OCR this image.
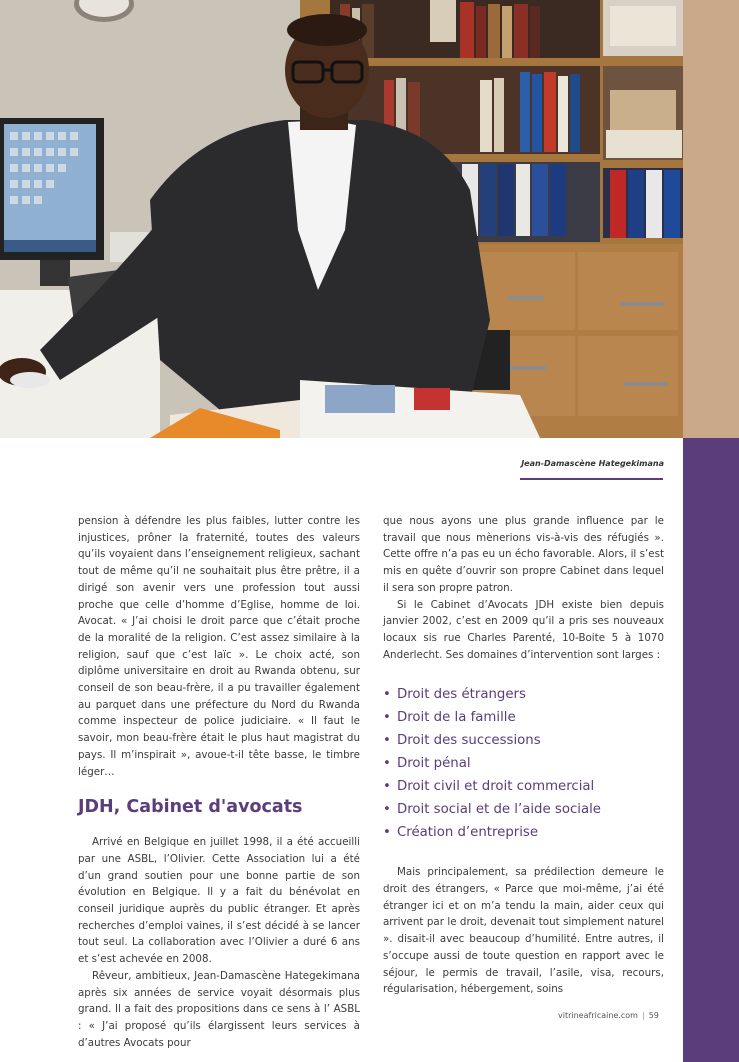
Jean-Damascène Hategekimana

pension à défendre les plus faibles, lutter contre les injustices, prôner la fraternité, toutes des valeurs qu’ils voyaient dans l’enseignement religieux, sachant tout de même qu’il ne souhaitait plus être prêtre, il a dirigé son avenir vers une profession tout aussi proche que celle d’homme d’Eglise, homme de loi. Avocat. « J’ai choisi le droit parce que c’était proche de la moralité de la religion. C’est assez similaire à la religion, sauf que c’est laïc ». Le choix acté, son diplôme universitaire en droit au Rwanda obtenu, sur conseil de son beau-frère, il a pu travailler également au parquet dans une préfecture du Nord du Rwanda comme inspecteur de police judiciaire. « Il faut le savoir, mon beau-frère était le plus haut magistrat du pays. Il m’inspirait », avoue-t-il tête basse, le timbre léger…

JDH, Cabinet d'avocats

Arrivé en Belgique en juillet 1998, il a été accueilli par une ASBL, l’Olivier. Cette Association lui a été d’un grand soutien pour une bonne partie de son évolution en Belgique. Il y a fait du bénévolat en conseil juridique auprès du public étranger. Et après recherches d’emploi vaines, il s’est décidé à se lancer tout seul. La collaboration avec l’Olivier a duré 6 ans et s’est achevée en 2008.

Rêveur, ambitieux, Jean-Damascène Hategekimana après six années de service voyait désormais plus grand. Il a fait des propositions dans ce sens à l’ ASBL : « J’ai proposé qu’ils élargissent leurs services à d’autres Avocats pour

que nous ayons une plus grande influence par le travail que nous mènerions vis-à-vis des réfugiés ». Cette offre n’a pas eu un écho favorable. Alors, il s’est mis en quête d’ouvrir son propre Cabinet dans lequel il sera son propre patron.

Si le Cabinet d’Avocats JDH existe bien depuis janvier 2002, c’est en 2009 qu’il a pris ses nouveaux locaux sis rue Charles Parenté, 10-Boite 5 à 1070 Anderlecht. Ses domaines d’intervention sont larges :

• Droit des étrangers
• Droit de la famille
• Droit des successions
• Droit pénal
• Droit civil et droit commercial
• Droit social et de l’aide sociale
• Création d’entreprise

Mais principalement, sa prédilection demeure le droit des étrangers, « Parce que moi-même, j’ai été étranger ici et on m’a tendu la main, aider ceux qui arrivent par le droit, devenait tout simplement naturel ». disait-il avec beaucoup d’humilité. Entre autres, il s’occupe aussi de toute question en rapport avec le séjour, le permis de travail, l’asile, visa, recours, régularisation, hébergement, soins

vitrineafricaine.com | 59
